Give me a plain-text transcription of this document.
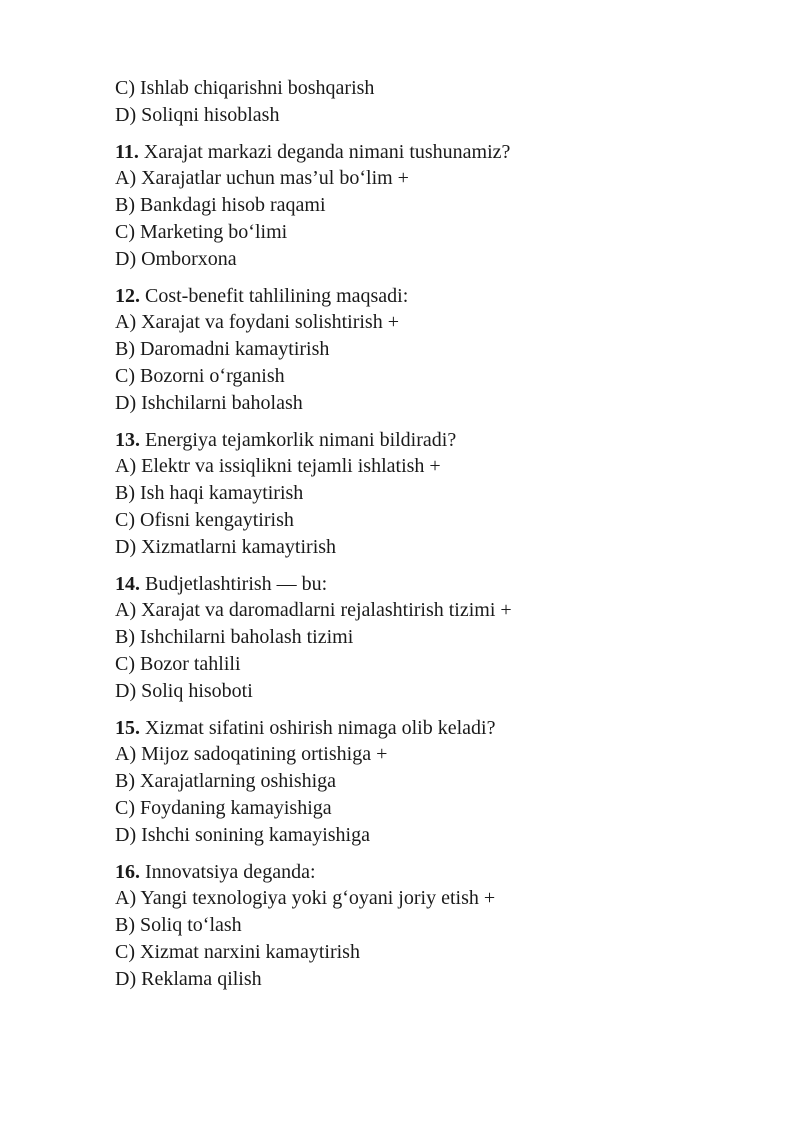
C) Ishlab chiqarishni boshqarish
D) Soliqni hisoblash
11. Xarajat markazi deganda nimani tushunamiz?
A) Xarajatlar uchun mas’ul bo‘lim +
B) Bankdagi hisob raqami
C) Marketing bo‘limi
D) Omborxona
12. Cost-benefit tahlilining maqsadi:
A) Xarajat va foydani solishtirish +
B) Daromadni kamaytirish
C) Bozorni o‘rganish
D) Ishchilarni baholash
13. Energiya tejamkorlik nimani bildiradi?
A) Elektr va issiqlikni tejamli ishlatish +
B) Ish haqi kamaytirish
C) Ofisni kengaytirish
D) Xizmatlarni kamaytirish
14. Budjetlashtirish — bu:
A) Xarajat va daromadlarni rejalashtirish tizimi +
B) Ishchilarni baholash tizimi
C) Bozor tahlili
D) Soliq hisoboti
15. Xizmat sifatini oshirish nimaga olib keladi?
A) Mijoz sadoqatining ortishiga +
B) Xarajatlarning oshishiga
C) Foydaning kamayishiga
D) Ishchi sonining kamayishiga
16. Innovatsiya deganda:
A) Yangi texnologiya yoki g‘oyani joriy etish +
B) Soliq to‘lash
C) Xizmat narxini kamaytirish
D) Reklama qilish
